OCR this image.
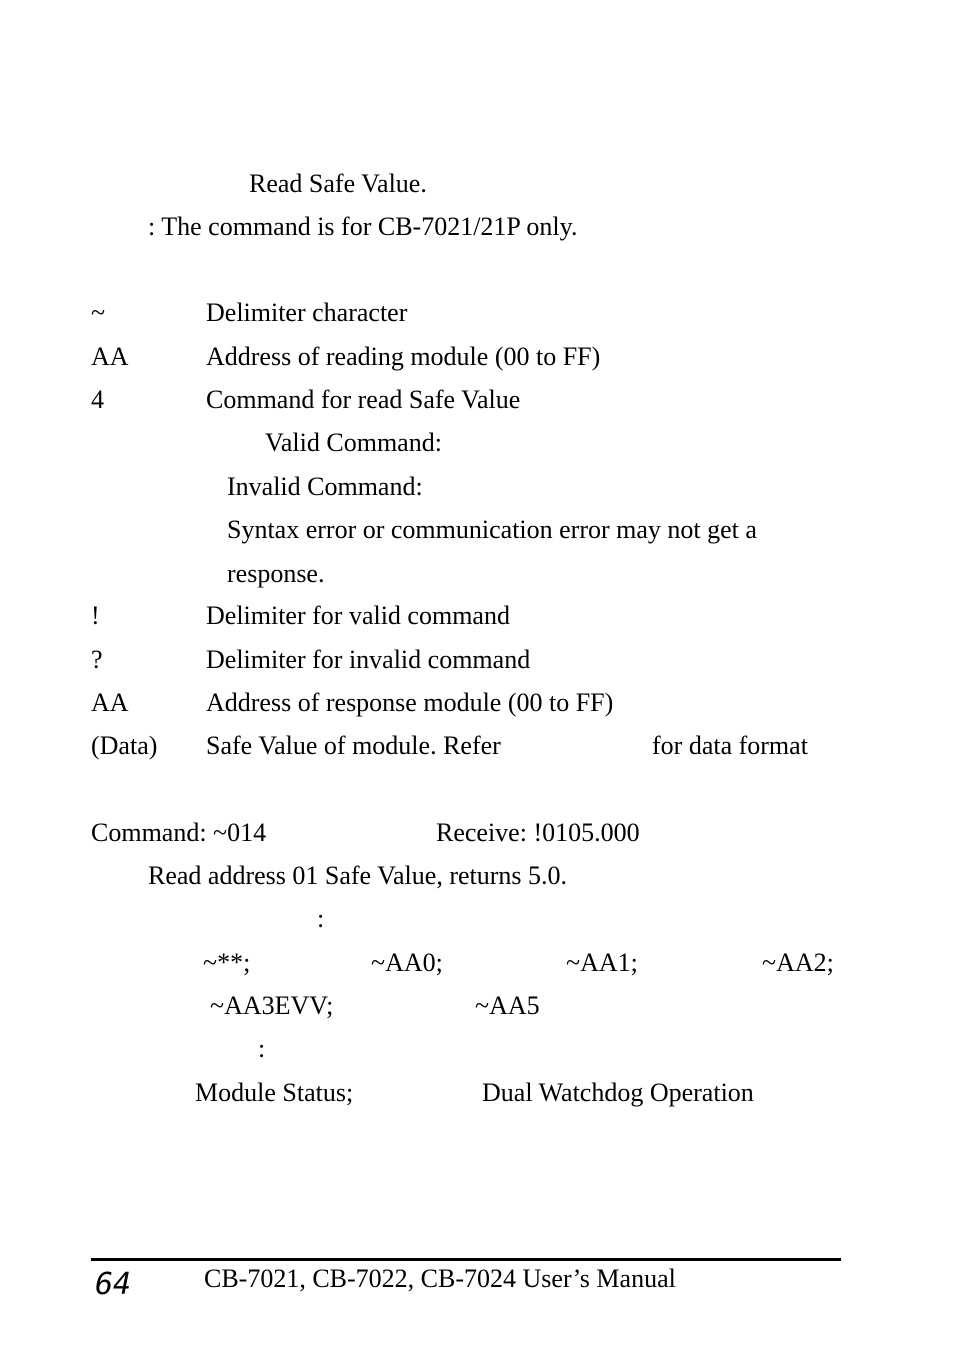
Read Safe Value.
: The command is for CB-7021/21P only.
~	Delimiter character
AA	Address of reading module (00 to FF)
4	Command for read Safe Value
Valid Command:
Invalid Command:
Syntax error or communication error may not get a
response.
!	Delimiter for valid command
?	Delimiter for invalid command
AA	Address of response module (00 to FF)
(Data) Safe Value of module. Refer	for data format
Command: ~014	Receive: !0105.000
Read address 01 Safe Value, returns 5.0.
:
~**;	~AA0;	~AA1;	~AA2;
~AA3EVV;	~AA5
:
Module Status;	Dual Watchdog Operation
64	CB-7021, CB-7022, CB-7024 User’s Manual
